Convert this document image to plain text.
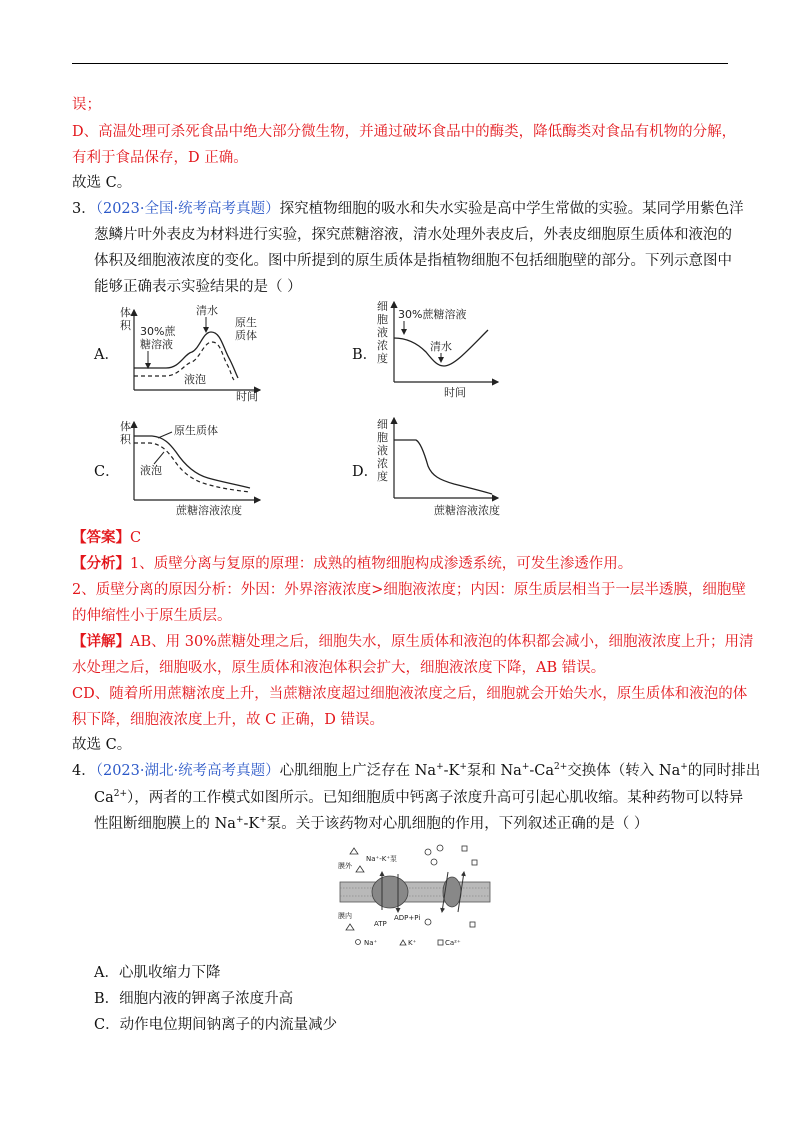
误；
D、高温处理可杀死食品中绝大部分微生物，并通过破坏食品中的酶类，降低酶类对食品有机物的分解，
有利于食品保存，D 正确。
故选 C。
3．（2023·全国·统考高考真题）探究植物细胞的吸水和失水实验是高中学生常做的实验。某同学用紫色洋
葱鳞片叶外表皮为材料进行实验，探究蔗糖溶液，清水处理外表皮后，外表皮细胞原生质体和液泡的
体积及细胞液浓度的变化。图中所提到的原生质体是指植物细胞不包括细胞壁的部分。下列示意图中
能够正确表示实验结果的是（ ）
A．
体
积
时间
30%蔗
糖溶液
清水
原生
质体
液泡
B．
细
胞
液
浓
度
时间
30%蔗糖溶液
清水
C．
体
积
蔗糖溶液浓度
原生质体
液泡	D．
细
胞
液
浓
度
蔗糖溶液浓度
【答案】C
【分析】1、质壁分离与复原的原理：成熟的植物细胞构成渗透系统，可发生渗透作用。
2、质壁分离的原因分析：外因：外界溶液浓度>细胞液浓度；内因：原生质层相当于一层半透膜，细胞壁
的伸缩性小于原生质层。
【详解】AB、用 30%蔗糖处理之后，细胞失水，原生质体和液泡的体积都会减小，细胞液浓度上升；用清
水处理之后，细胞吸水，原生质体和液泡体积会扩大，细胞液浓度下降，AB 错误。
CD、随着所用蔗糖浓度上升，当蔗糖浓度超过细胞液浓度之后，细胞就会开始失水，原生质体和液泡的体
积下降，细胞液浓度上升，故 C 正确，D 错误。
故选 C。
4．（2023·湖北·统考高考真题）心肌细胞上广泛存在 Na+-K+泵和 $Na^+-Ca^{2+}$交换体（转入 Na+的同时排出
$Ca^{2+}$），两者的工作模式如图所示。已知细胞质中钙离子浓度升高可引起心肌收缩。某种药物可以特异
性阻断细胞膜上的 Na+-K+泵。关于该药物对心肌细胞的作用，下列叙述正确的是（ ）
膜外
膜内
Na⁺-K⁺泵
ATP
ADP+Pi
Na⁺	K⁺	Ca²⁺
A．心肌收缩力下降
B．细胞内液的钾离子浓度升高
C．动作电位期间钠离子的内流量减少
